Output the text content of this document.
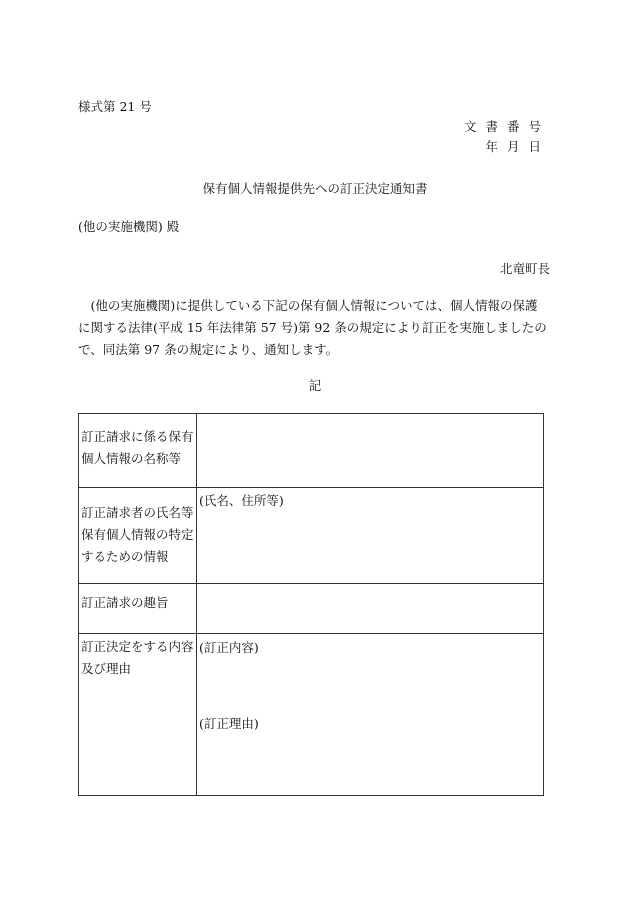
様式第 21 号
文書番号
年月日
保有個人情報提供先への訂正決定通知書
(他の実施機関) 殿
北竜町長
(他の実施機関)に提供している下記の保有個人情報については、個人情報の保護に関する法律(平成 15 年法律第 57 号)第 92 条の規定により訂正を実施しましたので、同法第 97 条の規定により、通知します。
記
訂正請求に係る保有個人情報の名称等	
訂正請求者の氏名等保有個人情報の特定するための情報	(氏名、住所等)
訂正請求の趣旨	
訂正決定をする内容及び理由	(訂正内容)
(訂正理由)
